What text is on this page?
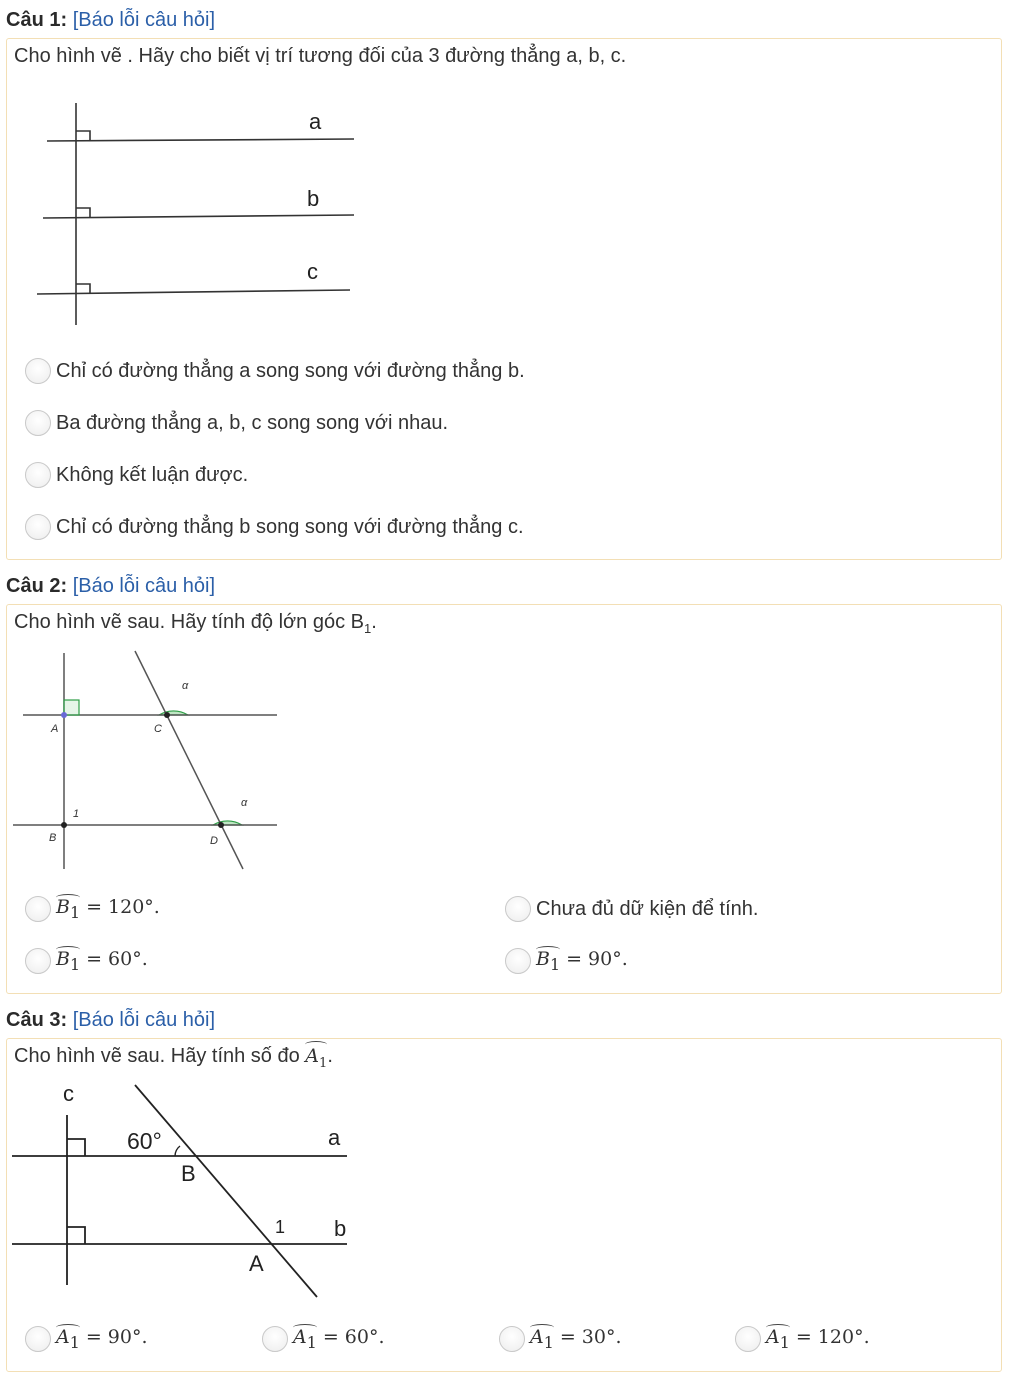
Câu 1: [Báo lỗi câu hỏi]
Cho hình vẽ . Hãy cho biết vị trí tương đối của 3 đường thẳng a, b, c.
a
b
c
Chỉ có đường thẳng a song song với đường thẳng b.
Ba đường thẳng a, b, c song song với nhau.
Không kết luận được.
Chỉ có đường thẳng b song song với đường thẳng c.
Câu 2: [Báo lỗi câu hỏi]
Cho hình vẽ sau. Hãy tính độ lớn góc $B_1$.
A	C
B	D
1
α
α
$B_1 = 120^\circ$.	Chưa đủ dữ kiện để tính.
$B_1 = 60^\circ$.	$B_1 = 90^\circ$.
Câu 3: [Báo lỗi câu hỏi]
Cho hình vẽ sau. Hãy tính số đo $A_1$.
c
60°	a
B
1 b
A
$A_1 = 90^\circ$.	$A_1 = 60^\circ$.	$A_1 = 30^\circ$.	$A_1 = 120^\circ$.
